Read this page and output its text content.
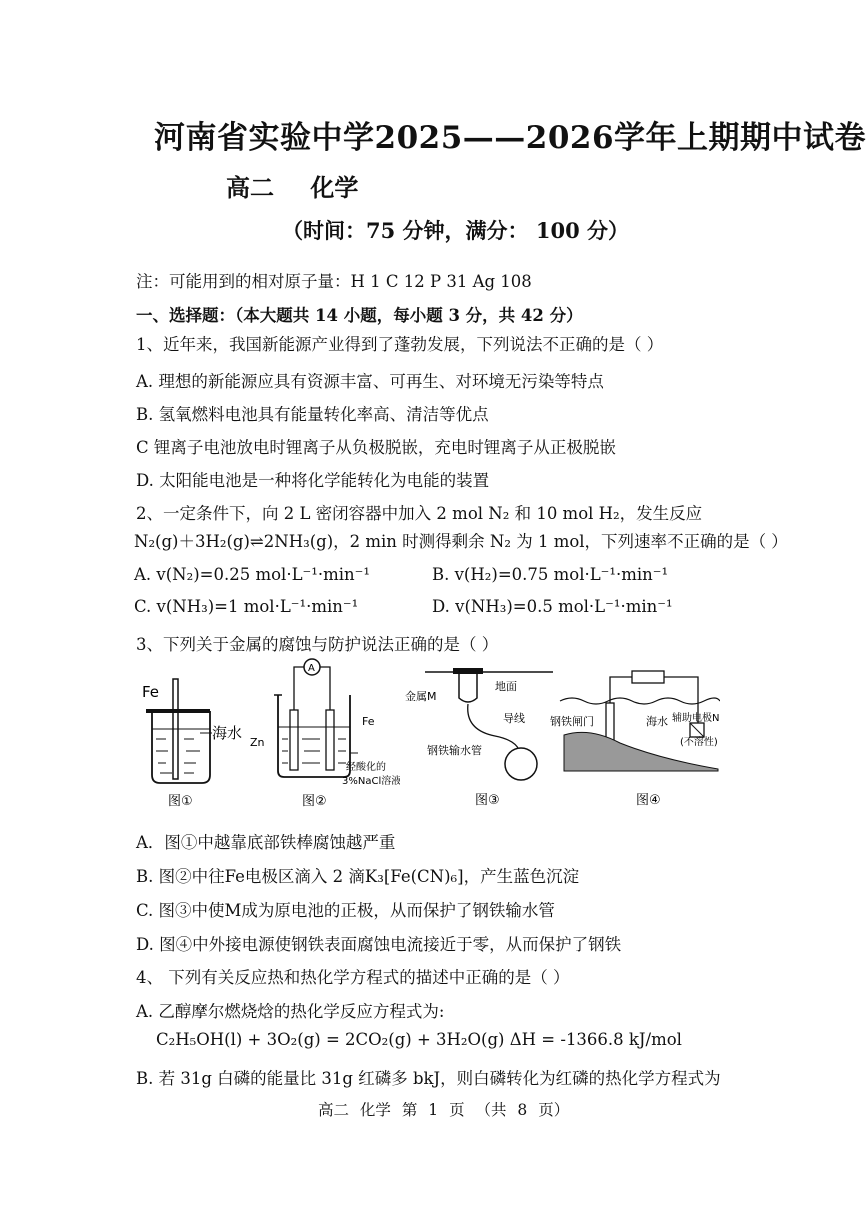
河南省实验中学2025——2026学年上期期中试卷
高二 化学
（时间：75 分钟，满分： 100 分）
注：可能用到的相对原子量：H 1 C 12 P 31 Ag 108
一、选择题：（本大题共 14 小题，每小题 3 分，共 42 分）
1、近年来，我国新能源产业得到了蓬勃发展，下列说法不正确的是（ ）
A. 理想的新能源应具有资源丰富、可再生、对环境无污染等特点
B. 氢氧燃料电池具有能量转化率高、清洁等优点
C 锂离子电池放电时锂离子从负极脱嵌，充电时锂离子从正极脱嵌
D. 太阳能电池是一种将化学能转化为电能的装置
2、一定条件下，向 2 L 密闭容器中加入 2 mol N₂ 和 10 mol H₂，发生反应
N₂(g)＋3H₂(g)⇌2NH₃(g)，2 min 时测得剩余 N₂ 为 1 mol，下列速率不正确的是（ ）
A. v(N₂)=0.25 mol·L⁻¹·min⁻¹	B. v(H₂)=0.75 mol·L⁻¹·min⁻¹
C. v(NH₃)=1 mol·L⁻¹·min⁻¹	D. v(NH₃)=0.5 mol·L⁻¹·min⁻¹
3、下列关于金属的腐蚀与防护说法正确的是（ ）
Fe
海水
图①
A
Zn
Fe
经酸化的
3%NaCl溶液
图②
地面
金属M
导线
钢铁输水管
图③
钢铁闸门	海水 辅助电极N
(不溶性)
图④
A．图①中越靠底部铁棒腐蚀越严重
B. 图②中往Fe电极区滴入 2 滴K₃[Fe(CN)₆]，产生蓝色沉淀
C. 图③中使M成为原电池的正极，从而保护了钢铁输水管
D. 图④中外接电源使钢铁表面腐蚀电流接近于零，从而保护了钢铁
4、 下列有关反应热和热化学方程式的描述中正确的是（ ）
A. 乙醇摩尔燃烧焓的热化学反应方程式为:
C₂H₅OH(l) + 3O₂(g) = 2CO₂(g) + 3H₂O(g) ΔH = -1366.8 kJ/mol
B. 若 31g 白磷的能量比 31g 红磷多 bkJ，则白磷转化为红磷的热化学方程式为
高二 化学 第 1 页 （共 8 页）
